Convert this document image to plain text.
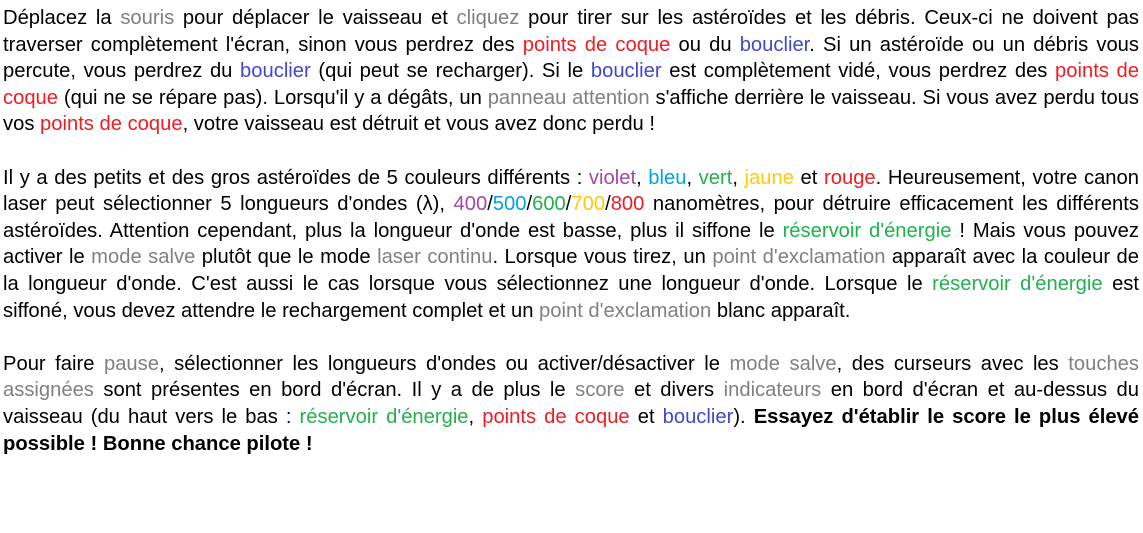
Déplacez la souris pour déplacer le vaisseau et cliquez pour tirer sur les astéroïdes et les débris. Ceux-ci ne doivent pas traverser complètement l'écran, sinon vous perdrez des points de coque ou du bouclier. Si un astéroïde ou un débris vous percute, vous perdrez du bouclier (qui peut se recharger). Si le bouclier est complètement vidé, vous perdrez des points de coque (qui ne se répare pas). Lorsqu'il y a dégâts, un panneau attention s'affiche derrière le vaisseau. Si vous avez perdu tous vos points de coque, votre vaisseau est détruit et vous avez donc perdu !

Il y a des petits et des gros astéroïdes de 5 couleurs différents : violet, bleu, vert, jaune et rouge. Heureusement, votre canon laser peut sélectionner 5 longueurs d'ondes (λ), 400/500/600/700/800 nanomètres, pour détruire efficacement les différents astéroïdes. Attention cependant, plus la longueur d'onde est basse, plus il siffone le réservoir d'énergie ! Mais vous pouvez activer le mode salve plutôt que le mode laser continu. Lorsque vous tirez, un point d'exclamation apparaît avec la couleur de la longueur d'onde. C'est aussi le cas lorsque vous sélectionnez une longueur d'onde. Lorsque le réservoir d'énergie est siffoné, vous devez attendre le rechargement complet et un point d'exclamation blanc apparaît.

Pour faire pause, sélectionner les longueurs d'ondes ou activer/désactiver le mode salve, des curseurs avec les touches assignées sont présentes en bord d'écran. Il y a de plus le score et divers indicateurs en bord d'écran et au-dessus du vaisseau (du haut vers le bas : réservoir d'énergie, points de coque et bouclier). Essayez d'établir le score le plus élevé possible ! Bonne chance pilote !
